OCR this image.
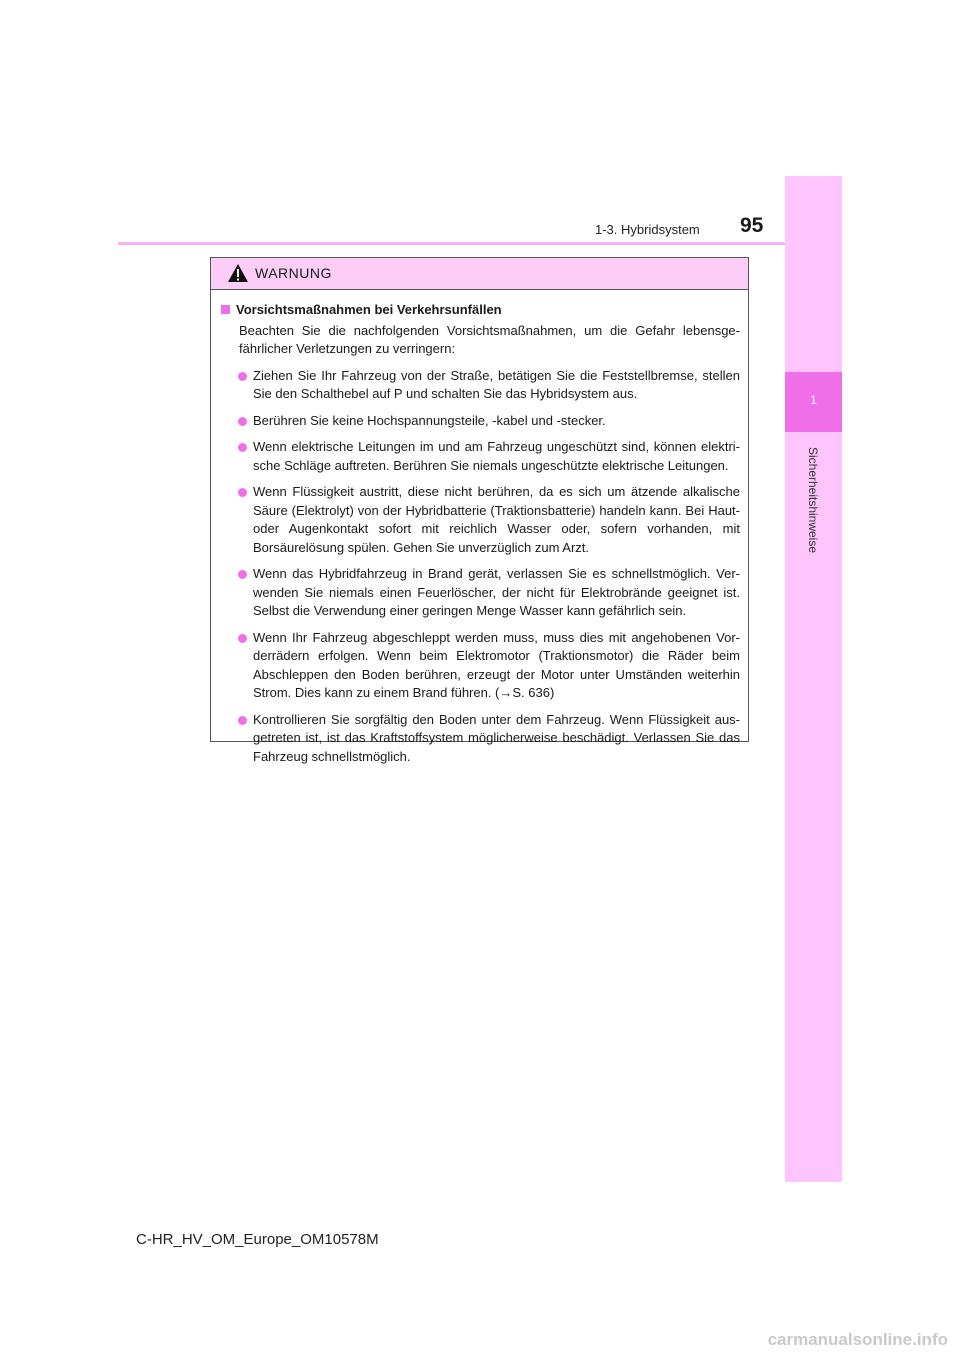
95
1-3. Hybridsystem
1
Sicherheitshinweise
WARNUNG
Vorsichtsmaßnahmen bei Verkehrsunfällen
Beachten Sie die nachfolgenden Vorsichtsmaßnahmen, um die Gefahr lebensge-fährlicher Verletzungen zu verringern:
Ziehen Sie Ihr Fahrzeug von der Straße, betätigen Sie die Feststellbremse, stellen Sie den Schalthebel auf P und schalten Sie das Hybridsystem aus.
Berühren Sie keine Hochspannungsteile, -kabel und -stecker.
Wenn elektrische Leitungen im und am Fahrzeug ungeschützt sind, können elektri-sche Schläge auftreten. Berühren Sie niemals ungeschützte elektrische Leitungen.
Wenn Flüssigkeit austritt, diese nicht berühren, da es sich um ätzende alkalische Säure (Elektrolyt) von der Hybridbatterie (Traktionsbatterie) handeln kann. Bei Haut- oder Augenkontakt sofort mit reichlich Wasser oder, sofern vorhanden, mit Borsäurelösung spülen. Gehen Sie unverzüglich zum Arzt.
Wenn das Hybridfahrzeug in Brand gerät, verlassen Sie es schnellstmöglich. Ver-wenden Sie niemals einen Feuerlöscher, der nicht für Elektrobrände geeignet ist. Selbst die Verwendung einer geringen Menge Wasser kann gefährlich sein.
Wenn Ihr Fahrzeug abgeschleppt werden muss, muss dies mit angehobenen Vor-derrädern erfolgen. Wenn beim Elektromotor (Traktionsmotor) die Räder beim Abschleppen den Boden berühren, erzeugt der Motor unter Umständen weiterhin Strom. Dies kann zu einem Brand führen. (→S. 636)
Kontrollieren Sie sorgfältig den Boden unter dem Fahrzeug. Wenn Flüssigkeit aus-getreten ist, ist das Kraftstoffsystem möglicherweise beschädigt. Verlassen Sie das Fahrzeug schnellstmöglich.
C-HR_HV_OM_Europe_OM10578M
carmanualsonline.info
